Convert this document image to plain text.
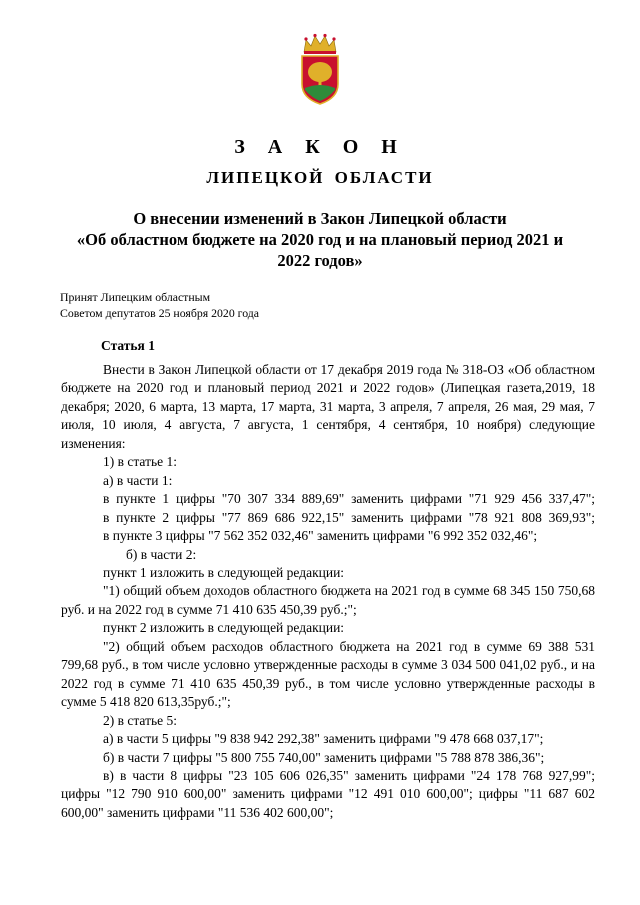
З А К О Н
ЛИПЕЦКОЙ ОБЛАСТИ
О внесении изменений в Закон Липецкой области
«Об областном бюджете на 2020 год и на плановый период 2021 и 2022 годов»
Принят Липецким областным
Советом депутатов 25 ноября 2020 года
Статья 1

Внести в Закон Липецкой области от 17 декабря 2019 года № 318-ОЗ «Об областном бюджете на 2020 год и плановый период 2021 и 2022 годов» (Липецкая газета,2019, 18 декабря; 2020, 6 марта, 13 марта, 17 марта, 31 марта, 3 апреля, 7 апреля, 26 мая, 29 мая, 7 июля, 10 июля, 4 августа, 7 августа, 1 сентября, 4 сентября, 10 ноября) следующие изменения:

1) в статье 1:

а) в части 1:

в пункте 1 цифры "70 307 334 889,69" заменить цифрами "71 929 456 337,47";

в пункте 2 цифры "77 869 686 922,15" заменить цифрами "78 921 808 369,93";

в пункте 3 цифры "7 562 352 032,46" заменить цифрами "6 992 352 032,46";

б) в части 2:

пункт 1 изложить в следующей редакции:

"1) общий объем доходов областного бюджета на 2021 год в сумме 68 345 150 750,68 руб. и на 2022 год в сумме 71 410 635 450,39 руб.;";

пункт 2 изложить в следующей редакции:

"2) общий объем расходов областного бюджета на 2021 год в сумме 69 388 531 799,68 руб., в том числе условно утвержденные расходы в сумме 3 034 500 041,02 руб., и на 2022 год в сумме 71 410 635 450,39 руб., в том числе условно утвержденные расходы в сумме 5 418 820 613,35руб.;";

2) в статье 5:

а) в части 5 цифры "9 838 942 292,38" заменить цифрами "9 478 668 037,17";

б) в части 7 цифры "5 800 755 740,00" заменить цифрами "5 788 878 386,36";

в) в части 8 цифры "23 105 606 026,35" заменить цифрами "24 178 768 927,99"; цифры "12 790 910 600,00" заменить цифрами "12 491 010 600,00"; цифры "11 687 602 600,00" заменить цифрами "11 536 402 600,00";
